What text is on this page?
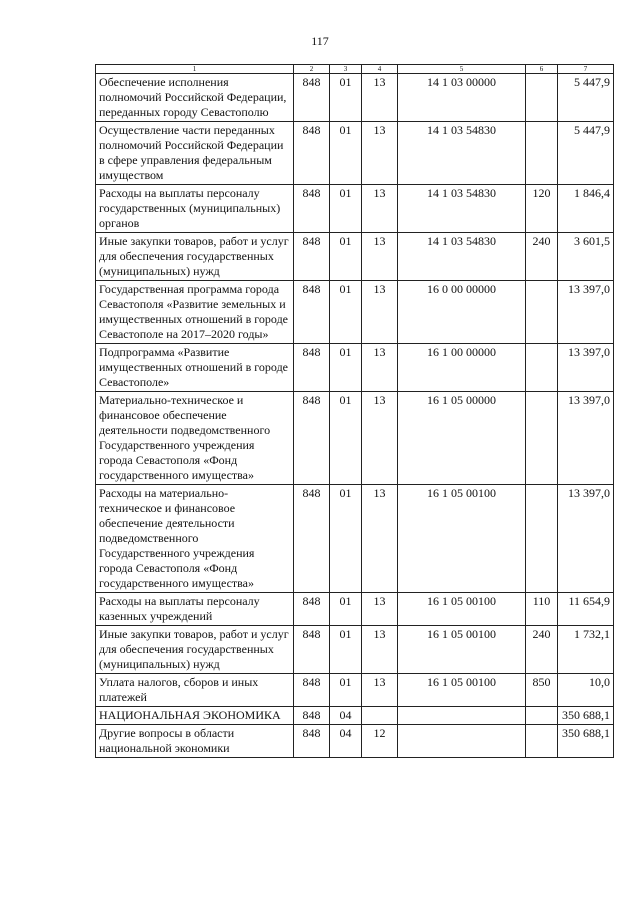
117
1	2	3	4	5	6	7
Обеспечение исполнения полномочий Российской Федерации, переданных городу Севастополю	848	01	13	14 1 03 00000		5 447,9
Осуществление части переданных полномочий Российской Федерации в сфере управления федеральным имуществом	848	01	13	14 1 03 54830		5 447,9
Расходы на выплаты персоналу государственных (муниципальных) органов	848	01	13	14 1 03 54830	120	1 846,4
Иные закупки товаров, работ и услуг для обеспечения государственных (муниципальных) нужд	848	01	13	14 1 03 54830	240	3 601,5
Государственная программа города Севастополя «Развитие земельных и имущественных отношений в городе Севастополе на 2017–2020 годы»	848	01	13	16 0 00 00000		13 397,0
Подпрограмма «Развитие имущественных отношений в городе Севастополе»	848	01	13	16 1 00 00000		13 397,0
Материально-техническое и финансовое обеспечение деятельности подведомственного Государственного учреждения города Севастополя «Фонд государственного имущества»	848	01	13	16 1 05 00000		13 397,0
Расходы на материально-техническое и финансовое обеспечение деятельности подведомственного Государственного учреждения города Севастополя «Фонд государственного имущества»	848	01	13	16 1 05 00100		13 397,0
Расходы на выплаты персоналу казенных учреждений	848	01	13	16 1 05 00100	110	11 654,9
Иные закупки товаров, работ и услуг для обеспечения государственных (муниципальных) нужд	848	01	13	16 1 05 00100	240	1 732,1
Уплата налогов, сборов и иных платежей	848	01	13	16 1 05 00100	850	10,0
НАЦИОНАЛЬНАЯ ЭКОНОМИКА	848	04				350 688,1
Другие вопросы в области национальной экономики	848	04	12			350 688,1
